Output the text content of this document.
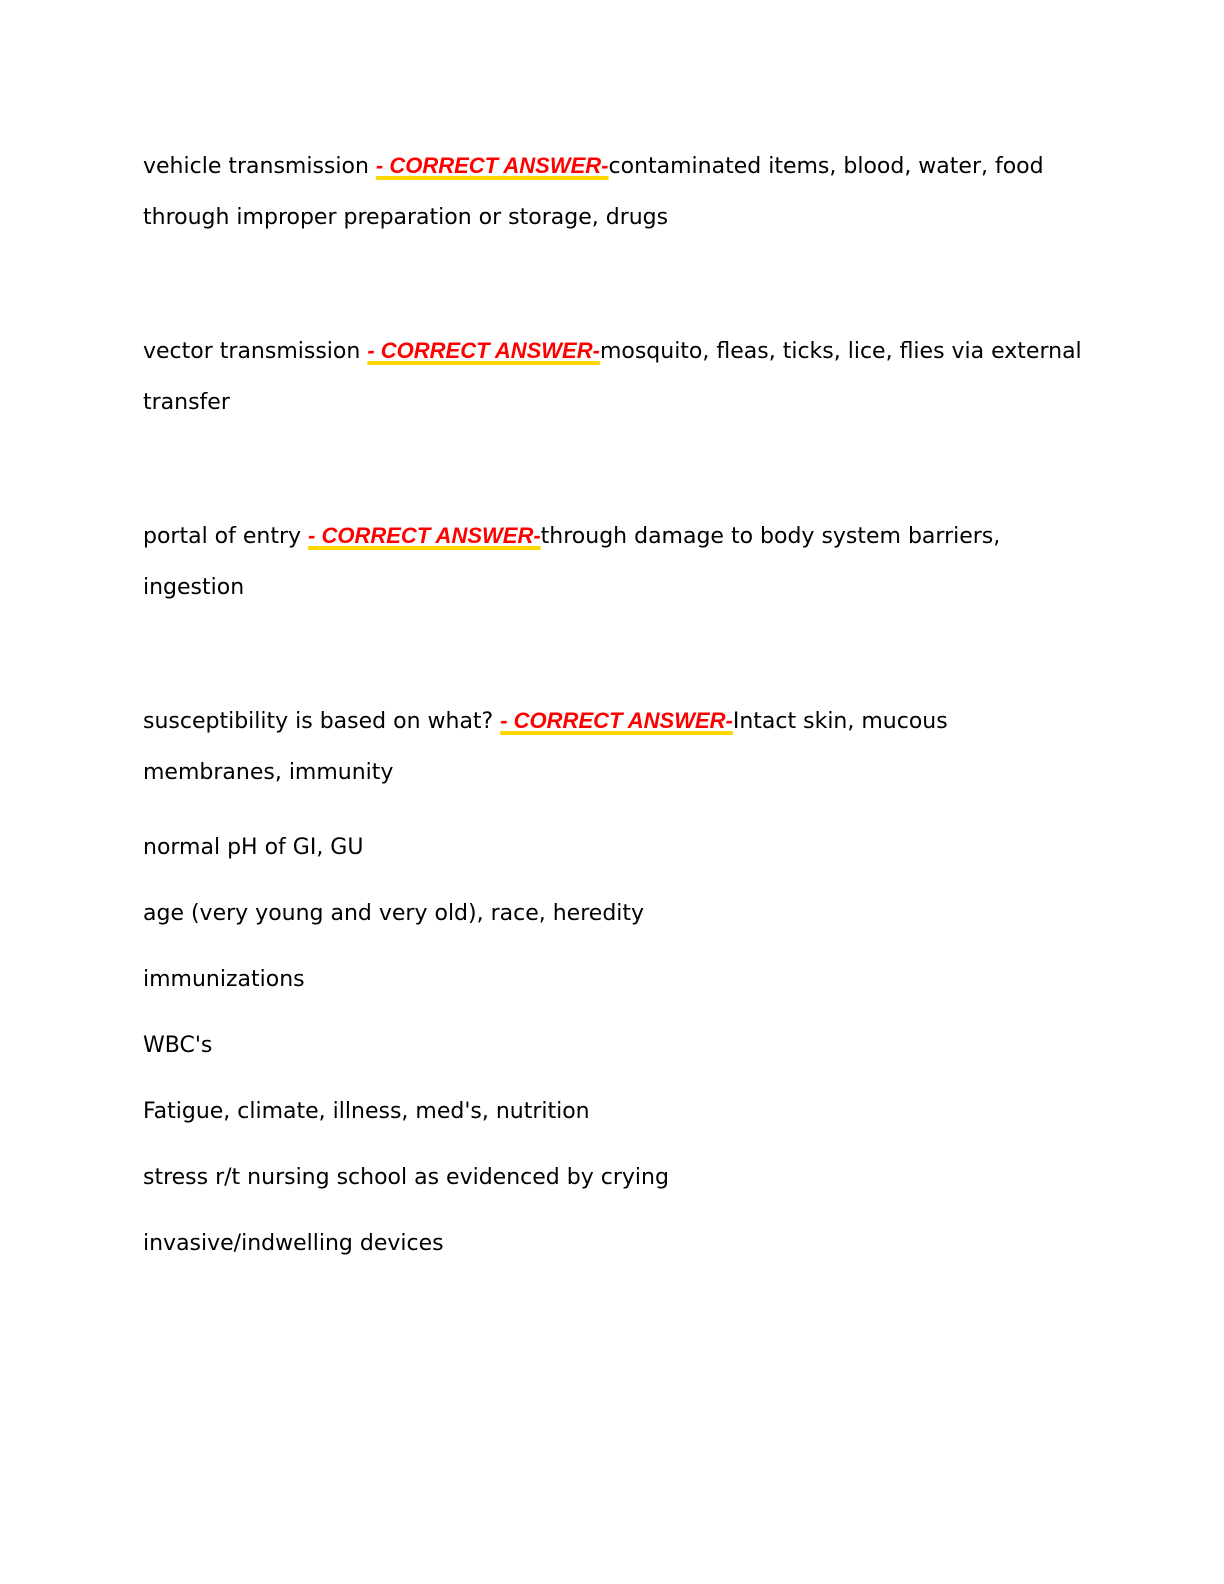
vehicle transmission - CORRECT ANSWER-contaminated items, blood, water, food through improper preparation or storage, drugs

vector transmission - CORRECT ANSWER-mosquito, fleas, ticks, lice, flies via external transfer

portal of entry - CORRECT ANSWER-through damage to body system barriers, ingestion

susceptibility is based on what? - CORRECT ANSWER-Intact skin, mucous membranes, immunity

normal pH of GI, GU
age (very young and very old), race, heredity
immunizations
WBC's
Fatigue, climate, illness, med's, nutrition
stress r/t nursing school as evidenced by crying
invasive/indwelling devices
